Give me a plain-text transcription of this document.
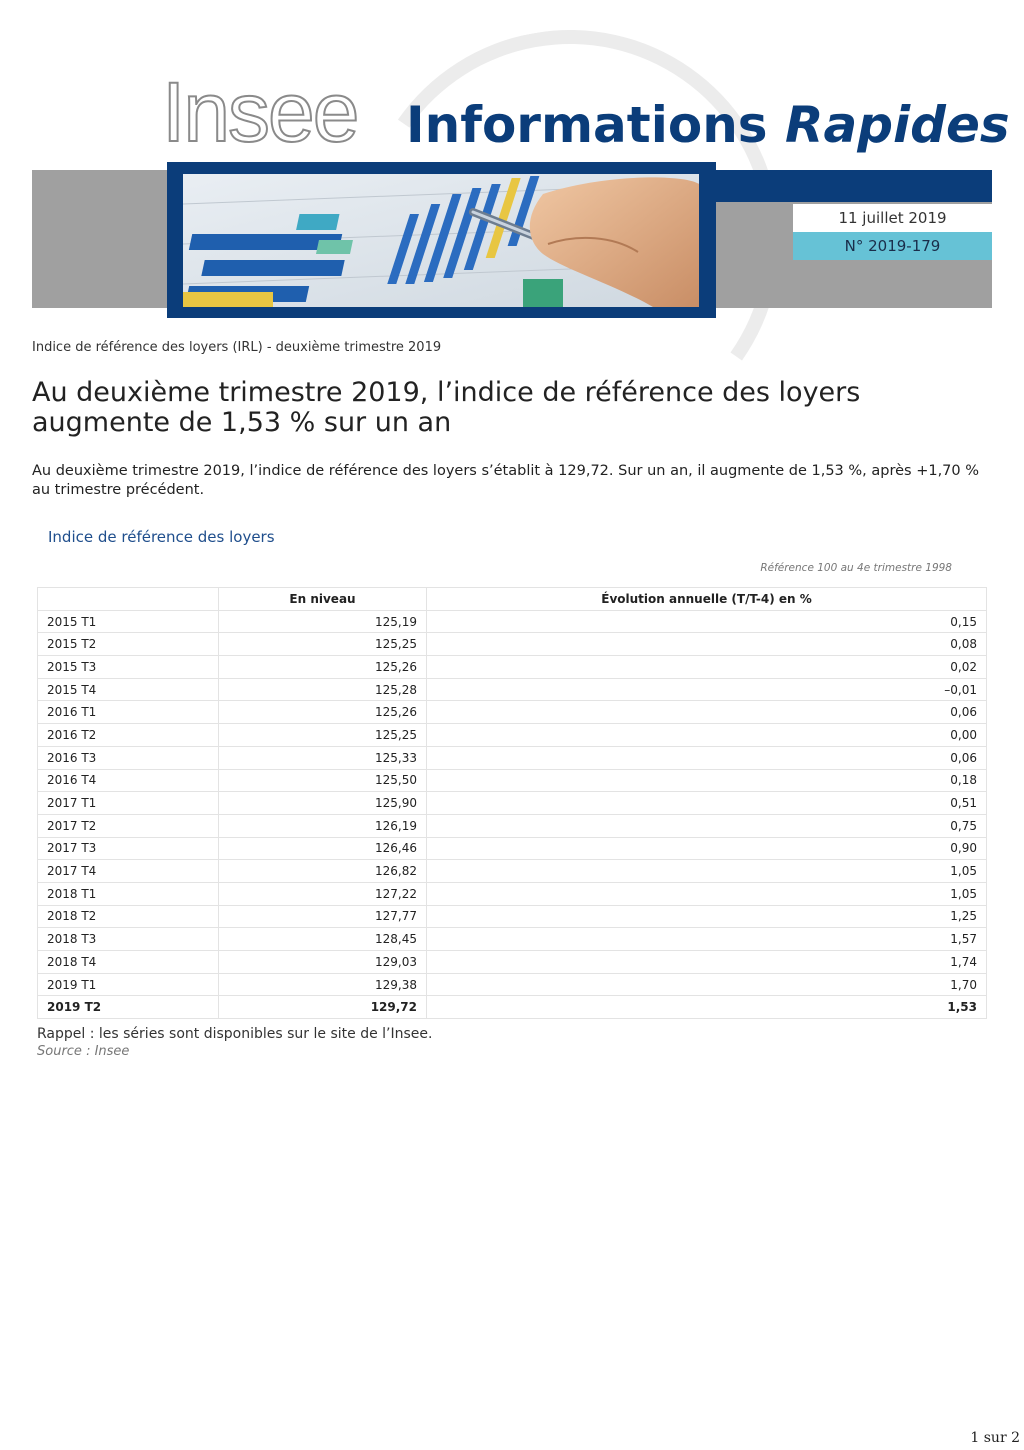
Insee Informations Rapides
11 juillet 2019
N° 2019-179
Indice de référence des loyers (IRL) - deuxième trimestre 2019
Au deuxième trimestre 2019, l’indice de référence des loyers augmente de 1,53 % sur un an
Au deuxième trimestre 2019, l’indice de référence des loyers s’établit à 129,72. Sur un an, il augmente de 1,53 %, après +1,70 % au trimestre précédent.
Indice de référence des loyers
Référence 100 au 4e trimestre 1998
	En niveau	Évolution annuelle (T/T-4) en %
2015 T1	125,19	0,15
2015 T2	125,25	0,08
2015 T3	125,26	0,02
2015 T4	125,28	–0,01
2016 T1	125,26	0,06
2016 T2	125,25	0,00
2016 T3	125,33	0,06
2016 T4	125,50	0,18
2017 T1	125,90	0,51
2017 T2	126,19	0,75
2017 T3	126,46	0,90
2017 T4	126,82	1,05
2018 T1	127,22	1,05
2018 T2	127,77	1,25
2018 T3	128,45	1,57
2018 T4	129,03	1,74
2019 T1	129,38	1,70
2019 T2	129,72	1,53
Rappel : les séries sont disponibles sur le site de l’Insee.
Source : Insee
1 sur 2
